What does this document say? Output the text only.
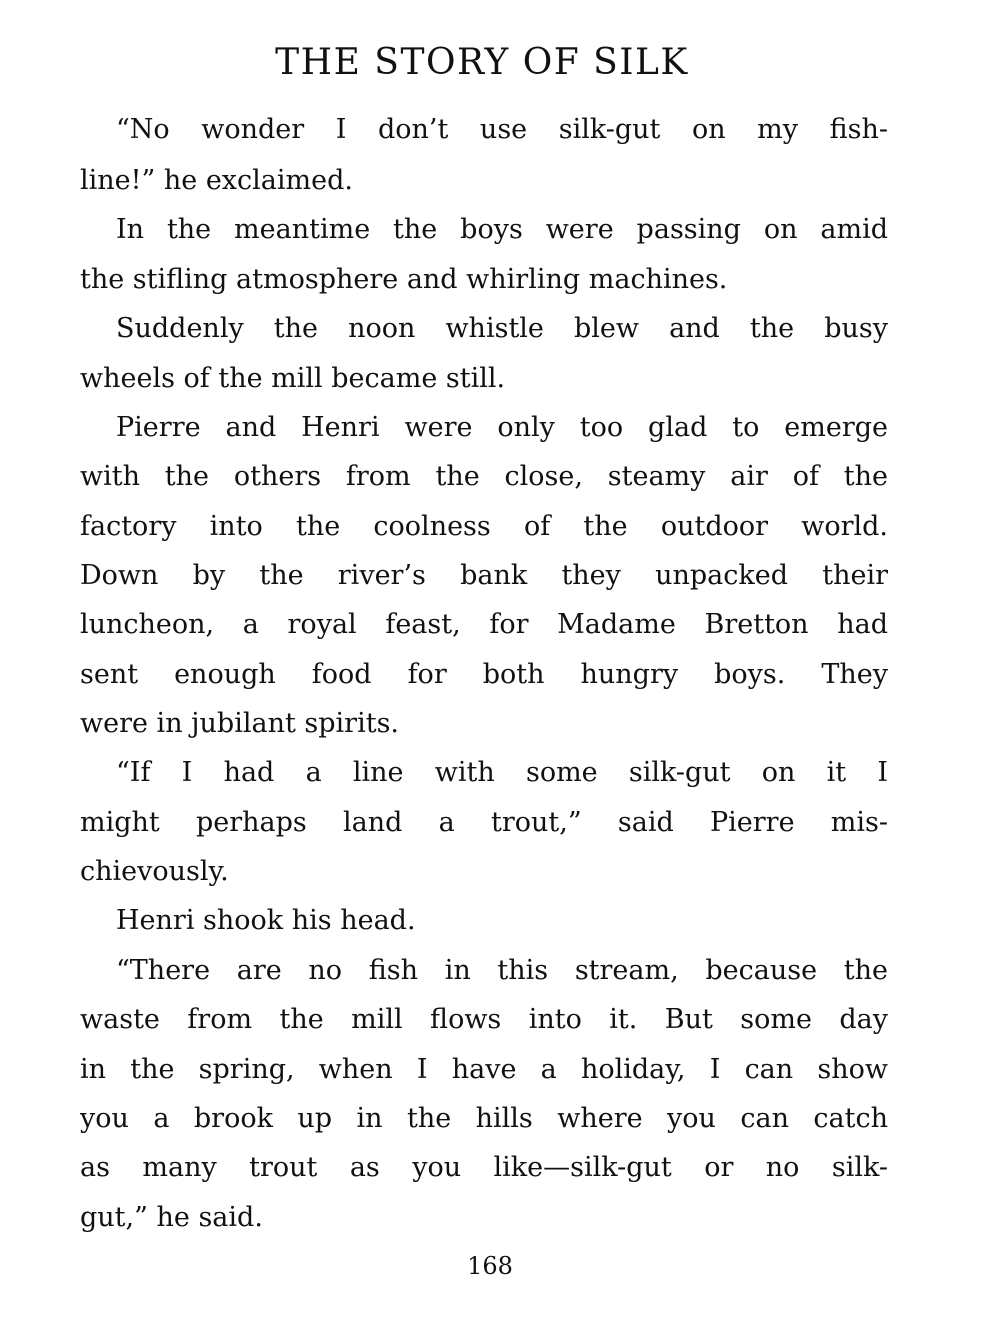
THE STORY OF SILK
“No wonder I don’t use silk-gut on my fish-
line!” he exclaimed.
In the meantime the boys were passing on amid
the stifling atmosphere and whirling machines.
Suddenly the noon whistle blew and the busy
wheels of the mill became still.
Pierre and Henri were only too glad to emerge
with the others from the close, steamy air of the
factory into the coolness of the outdoor world.
Down by the river’s bank they unpacked their
luncheon, a royal feast, for Madame Bretton had
sent enough food for both hungry boys. They
were in jubilant spirits.
“If I had a line with some silk-gut on it I
might perhaps land a trout,” said Pierre mis-
chievously.
Henri shook his head.
“There are no fish in this stream, because the
waste from the mill flows into it. But some day
in the spring, when I have a holiday, I can show
you a brook up in the hills where you can catch
as many trout as you like—silk-gut or no silk-
gut,” he said.
168
